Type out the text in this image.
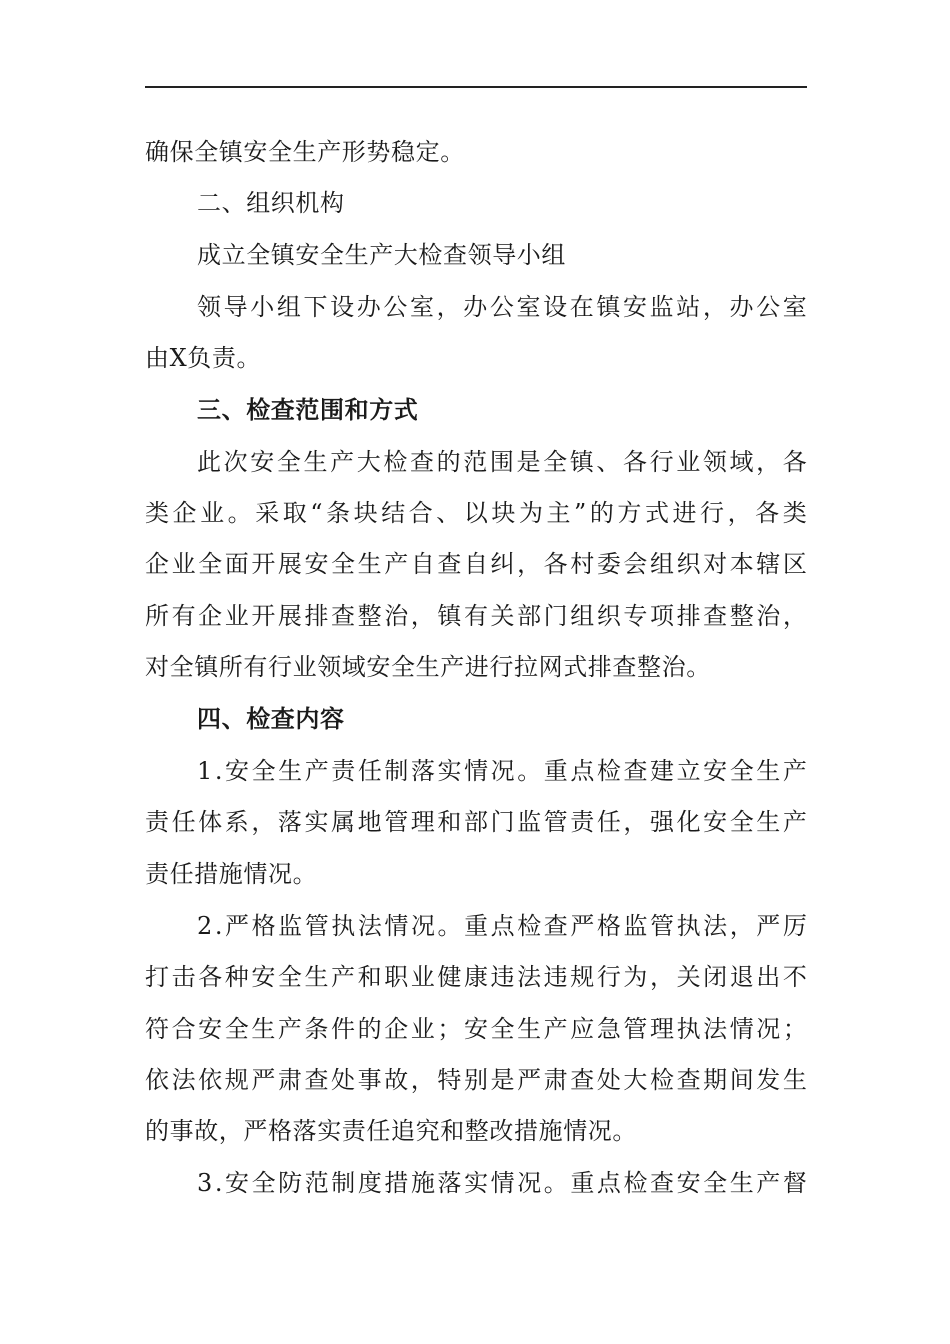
确保全镇安全生产形势稳定。
二、组织机构
成立全镇安全生产大检查领导小组
领 导 小 组 下 设 办 公 室 ， 办 公 室 设 在 镇 安 监 站 ， 办 公 室
由X负责。
三、检查范围和方式
此 次 安 全 生 产 大 检 查 的 范 围 是 全 镇 、 各 行 业 领 域 ， 各
类 企 业 。 采 取 “ 条 块 结 合 、 以 块 为 主 ” 的 方 式 进 行 ， 各 类
企 业 全 面 开 展 安 全 生 产 自 查 自 纠 ， 各 村 委 会 组 织 对 本 辖 区
所 有 企 业 开 展 排 查 整 治 ， 镇 有 关 部 门 组 织 专 项 排 查 整 治 ，
对全镇所有行业领域安全生产进行拉网式排查整治。
四、检查内容
1 . 安 全 生 产 责 任 制 落 实 情 况 。 重 点 检 查 建 立 安 全 生 产
责 任 体 系 ， 落 实 属 地 管 理 和 部 门 监 管 责 任 ， 强 化 安 全 生 产
责任措施情况。
2 . 严 格 监 管 执 法 情 况 。 重 点 检 查 严 格 监 管 执 法 ， 严 厉
打 击 各 种 安 全 生 产 和 职 业 健 康 违 法 违 规 行 为 ， 关 闭 退 出 不
符 合 安 全 生 产 条 件 的 企 业 ； 安 全 生 产 应 急 管 理 执 法 情 况 ；
依 法 依 规 严 肃 查 处 事 故 ， 特 别 是 严 肃 查 处 大 检 查 期 间 发 生
的事故，严格落实责任追究和整改措施情况。
3 . 安 全 防 范 制 度 措 施 落 实 情 况 。 重 点 检 查 安 全 生 产 督
